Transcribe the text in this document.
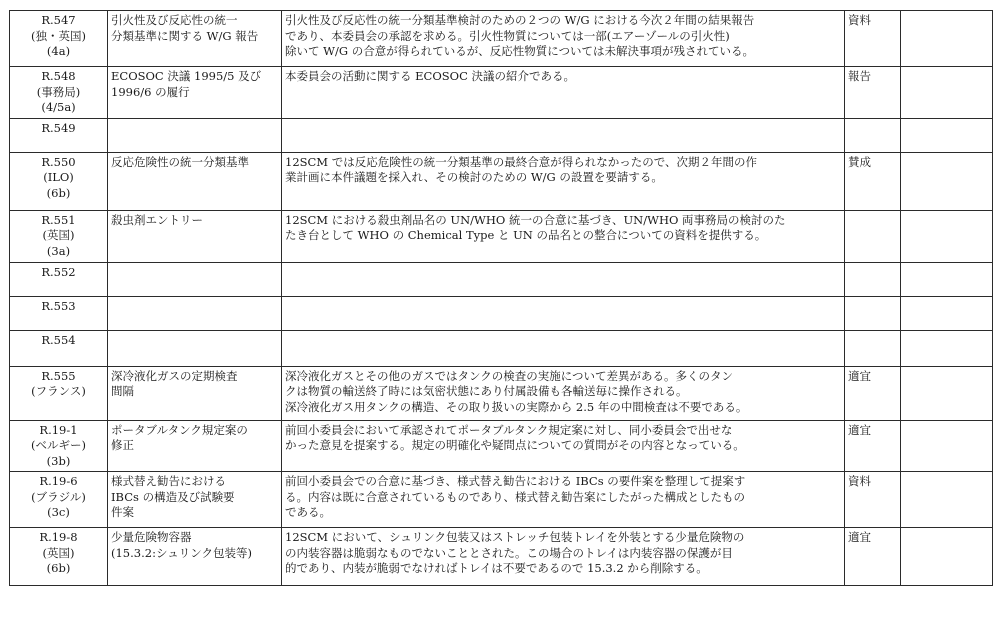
R.547
(独・英国)
(4a)	引火性及び反応性の統一
分類基準に関する W/G 報告	引火性及び反応性の統一分類基準検討のための２つの W/G における今次２年間の結果報告
であり、本委員会の承認を求める。引火性物質については一部(エアーゾールの引火性)
除いて W/G の合意が得られているが、反応性物質については未解決事項が残されている。	資料	

R.548
(事務局)
(4/5a)	ECOSOC 決議 1995/5 及び
1996/6 の履行	本委員会の活動に関する ECOSOC 決議の紹介である。	報告	

R.549				

R.550
(ILO)
(6b)	反応危険性の統一分類基準	12SCM では反応危険性の統一分類基準の最終合意が得られなかったので、次期２年間の作
業計画に本件議題を採入れ、その検討のための W/G の設置を要請する。	賛成	

R.551
(英国)
(3a)	殺虫剤エントリー	12SCM における殺虫剤品名の UN/WHO 統一の合意に基づき、UN/WHO 両事務局の検討のた
たき台として WHO の Chemical Type と UN の品名との整合についての資料を提供する。		

R.552				

R.553				

R.554				

R.555
(フランス)	深冷液化ガスの定期検査
間隔	深冷液化ガスとその他のガスではタンクの検査の実施について差異がある。多くのタン
クは物質の輸送終了時には気密状態にあり付属設備も各輸送毎に操作される。
深冷液化ガス用タンクの構造、その取り扱いの実際から 2.5 年の中間検査は不要である。	適宜	

R.19-1
(ベルギー)
(3b)	ポータブルタンク規定案の
修正	前回小委員会において承認されてポータブルタンク規定案に対し、同小委員会で出せな
かった意見を提案する。規定の明確化や疑問点についての質問がその内容となっている。	適宜	

R.19-6
(ブラジル)
(3c)	様式替え勧告における
IBCs の構造及び試験要
件案	前回小委員会での合意に基づき、様式替え勧告における IBCs の要件案を整理して提案す
る。内容は既に合意されているものであり、様式替え勧告案にしたがった構成としたもの
である。	資料	

R.19-8
(英国)
(6b)	少量危険物容器
(15.3.2:シュリンク包装等)	12SCM において、シュリンク包装又はストレッチ包装トレイを外装とする少量危険物の
の内装容器は脆弱なものでないこととされた。この場合のトレイは内装容器の保護が目
的であり、内装が脆弱でなければトレイは不要であるので 15.3.2 から削除する。	適宜	
